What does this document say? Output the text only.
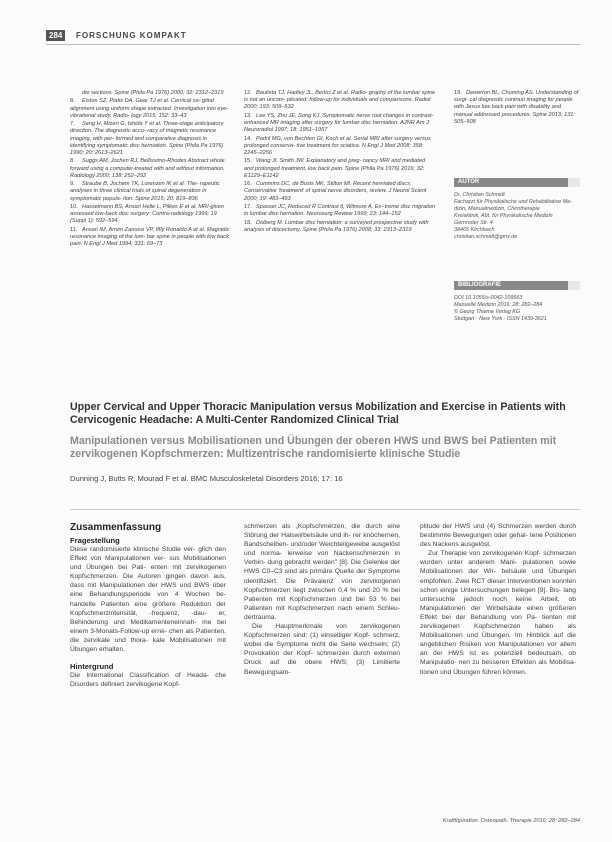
284	FORSCHUNG KOMPAKT
die sections. Spine (Phila Pa 1976) 2000; 32: 2312–2319
8. Elston SZ, Platis DA, Gear TJ et al. Cervical sa- gittal alignment using uniform shape extracted. Investigation into eye-vibrational study. Radio- logy 2015; 152: 33–43
7. Seng H, Mizeri G, Ishida Y et al. Three-stage anticipatory direction. The diagnostic accu- racy of magnetic resonance imaging, with per- formed and comparative diagnosis in identifying symptomatic disc herniation. Spine (Phila Pa 1976) 1990; 20: 2613–2621
8. Suggs AM, Jochen RJ, Bellissimo-Rhodes Abstract whole forward using a computer-treated with and without information. Radiology 2000; 138: 252–292
9. Straube B, Jochem TK, Lorenzen IK et al. The- rapeutic analyses in three clinical trials of spinal degeneration in symptomatic popula- tion. Spine 2015; 20: 819–836
10. Hasselmann BS, Ansari Helle L, Pilkes E et al. MRI-given assessed low-back disc surgery: Contra-radiology 1999; 19 (Suppl 1): 592–594
11. Ansari IM, Arnim Zanussi VP, Iffly Ronaldo A et al. Magnetic resonance imaging of the lum- bar spine in people with low back pain. N Engl J Med 1994; 331: 69–73
12. Bautista TJ, Hadley JL, Bertici Z et al. Radio- graphy of the lumbar spine is not an uncom- plicated: follow-up for individuals and comparisons. Radiol 2000; 193: 509–532
13. Lee YS, Zhu JE, Song KJ. Symptomatic nerve root changes in contrast-enhanced MR imaging after surgery for lumbar disc herniation. AJNR Am J Neuroradiol 1997; 18: 1951–1957
14. Padril MG, von Bechten GI, Koch et al. Serial MRI after surgery versus prolonged conserva- tive treatment for sciatica. N Engl J Med 2008; 358: 2245–2256
15. Wang JI, Smith JW. Explanatory and preg- nancy MRI and mediated and prolonged treatment, low back pain. Spine (Phila Pa 1976) 2016; 32: E1129–E1142
16. Cummins DC, de Busis MK, Stilton Ml. Recent herniated discs: Conservative 'treatment' of spinal nerve disorders, review. J Neurol Scient 2000; 19: 483–493
17. Spasser JC, Reduced R Contrast tl, Wilmore A. Ex- treme disc migration in lumbar disc hernation. Neurosurg Review 1999; 23: 144–152
18. Dolberg M. Lumbar disc herniation: a surveyed prospective study with analysis of discectomy. Spine (Phila Pa 1976) 2008; 33: 2313–2319
19. Dewerton BL, Chuming AS. Understanding of surgi- cal diagnostic contrast imaging for people with Jesus low back pain with disability and manual addressed procedures. Spine 2013; 131: 505–508
AUTOR
Dr. Christian Schmidt
Facharzt für Physikalische und Rehabilitative Me-
dizin, Manualmedizin, Chirotherapie
Kreisklinik, Abt. für Physikalische Medizin
Gernroder Str. 4
38465 Kirchbach
christian.schmidt@gmx.de
BIBLIOGRAFIE
DOI 10.1055/s-0042-109563
Manuelle Medizin 2016; 28: 282–284
© Georg Thieme Verlag KG
Stuttgart · New York · ISSN 1439-3621
Upper Cervical and Upper Thoracic Manipulation versus Mobilization and Exercise in Patients with Cervicogenic Headache: A Multi-Center Randomized Clinical Trial
Manipulationen versus Mobilisationen und Übungen der oberen HWS und BWS bei Patienten mit zervikogenen Kopfschmerzen: Multizentrische randomisierte klinische Studie
Dunning J, Butts R, Mourad F et al. BMC Musculoskeletal Disorders 2016; 17: 16
Zusammenfassung
Fragestellung

Diese randomisierte klinische Studie ver- glich den Effekt von Manipulationen ver- sus Mobilisationen und Übungen bei Pati- enten mit zervikogenen Kopfschmerzen. Die Autoren gingen davon aus, dass mit Manipulationen der HWS und BWS über eine Behandlungsperiode von 4 Wochen be- handelte Patienten eine größere Reduktion der Kopfschmerzintensität, -frequenz, -dau- er, Behinderung und Medikamenteneinnah- me bei einem 3-Monats-Follow-up errei- chen als Patienten, die zervikale und thora- kale Mobilisationen mit Übungen erhalten.

Hintergrund

Die International Classification of Heada- che Disorders definiert zervikogene Kopf-

schmerzen als „Kopfschmerzen, die durch eine Störung der Halswirbelsäule und ih- rer knöchernen, Bandscheiben- und/oder Weichteilgewebe ausgelöst und norma- lerweise von Nackenschmerzen in Verbin- dung gebracht werden" [8]. Die Gelenke der HWS C0–C3 sind als primäre Quelle der Symptome identifiziert. Die Prävalenz von zervikogenen Kopfschmerzen liegt zwischen 0,4 % und 20 % bei Patienten mit Kopfschmerzen und bei 53 % bei Patienten mit Kopfschmerzen nach einem Schleu- dertrauma.

Die Hauptmerkmale von zervikogenen Kopfschmerzen sind: (1) einseitiger Kopf- schmerz, wobei die Symptome nicht die Seite wechseln; (2) Provokation der Kopf- schmerzen durch externen Druck auf die obere HWS; (3) Limitierte Bewegungsam-

plitude der HWS und (4) Schmerzen werden durch bestimmte Bewegungen oder gehal- tene Positionen des Nackens ausgelöst.

Zur Therapie von zervikogenen Kopf- schmerzen wurden unter anderem Mani- pulationen sowie Mobilisationen der Wir- belsäule und Übungen empfohlen. Zwei RCT dieser Interventionen konnten schon einige Untersuchungen belegen [9]. Bis- lang untersuchte jedoch noch keine Arbeit, ob Manipulationen der Wirbelsäule einen größeren Effekt bei der Behandlung von Pa- tienten mit zervikogenen Kopfschmerzen haben als Mobilisationen und Übungen. Im Hinblick auf die angeblichen Risiken von Manipulationen vor allem an der HWS ist es potenziell bedeutsam, ob Manipulatio- nen zu besseren Effekten als Mobilisa- tionen und Übungen führen können.

Kraftfiguration. Osteopath. Therapie 2016; 28: 282–284
